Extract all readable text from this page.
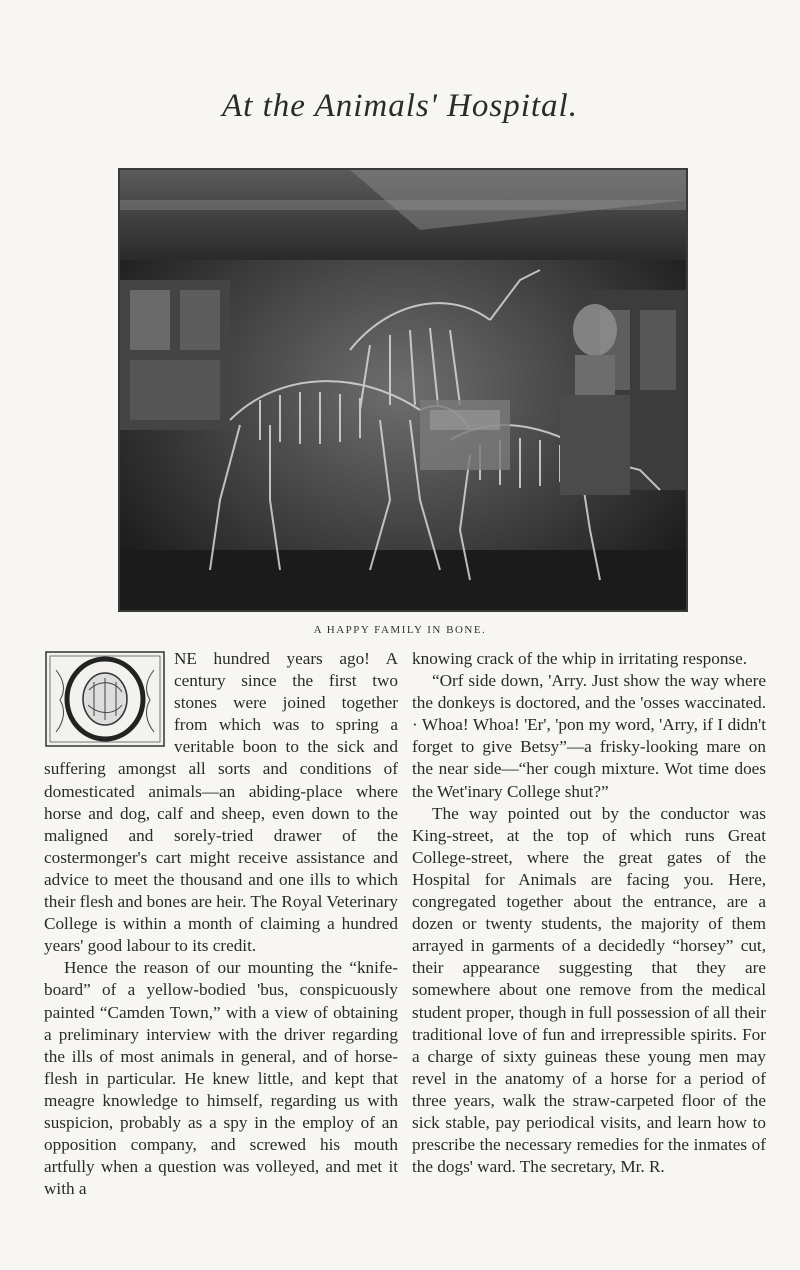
At the Animals' Hospital.
A HAPPY FAMILY IN BONE.

NE hundred years ago! A century since the first two stones were joined together from which was to spring a veritable boon to the sick and suffering amongst all sorts and conditions of domesticated animals—an abiding-place where horse and dog, calf and sheep, even down to the maligned and sorely-tried drawer of the costermonger's cart might receive assistance and advice to meet the thousand and one ills to which their flesh and bones are heir. The Royal Veterinary College is within a month of claiming a hundred years' good labour to its credit.

Hence the reason of our mounting the “knife-board” of a yellow-bodied 'bus, conspicuously painted “Camden Town,” with a view of obtaining a preliminary interview with the driver regarding the ills of most animals in general, and of horse-flesh in particular. He knew little, and kept that meagre knowledge to himself, regarding us with suspicion, probably as a spy in the employ of an opposition company, and screwed his mouth artfully when a question was volleyed, and met it with a

knowing crack of the whip in irritating response.

“Orf side down, 'Arry. Just show the way where the donkeys is doctored, and the 'osses waccinated. · Whoa! Whoa! 'Er', 'pon my word, 'Arry, if I didn't forget to give Betsy”—a frisky-looking mare on the near side—“her cough mixture. Wot time does the Wet'inary College shut?”

The way pointed out by the conductor was King-street, at the top of which runs Great College-street, where the great gates of the Hospital for Animals are facing you. Here, congregated together about the entrance, are a dozen or twenty students, the majority of them arrayed in garments of a decidedly “horsey” cut, their appearance suggesting that they are somewhere about one remove from the medical student proper, though in full possession of all their traditional love of fun and irrepressible spirits. For a charge of sixty guineas these young men may revel in the anatomy of a horse for a period of three years, walk the straw-carpeted floor of the sick stable, pay periodical visits, and learn how to prescribe the necessary remedies for the inmates of the dogs' ward. The secretary, Mr. R.
